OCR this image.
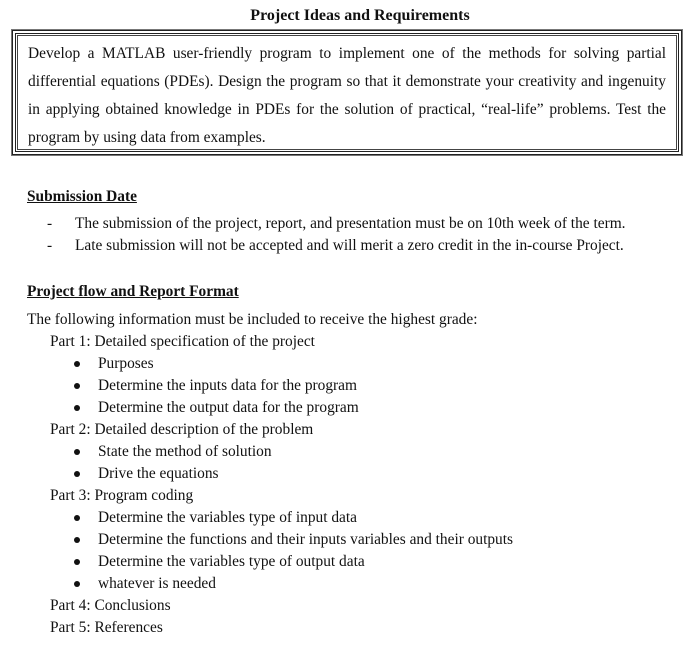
Project Ideas and Requirements
Develop a MATLAB user-friendly program to implement one of the methods for solving partial differential equations (PDEs). Design the program so that it demonstrate your creativity and ingenuity in applying obtained knowledge in PDEs for the solution of practical, “real-life” problems. Test the program by using data from examples.
Submission Date
- The submission of the project, report, and presentation must be on 10th week of the term.
- Late submission will not be accepted and will merit a zero credit in the in-course Project.
Project flow and Report Format
The following information must be included to receive the highest grade:
Part 1: Detailed specification of the project
Purposes
Determine the inputs data for the program
Determine the output data for the program
Part 2: Detailed description of the problem
State the method of solution
Drive the equations
Part 3: Program coding
Determine the variables type of input data
Determine the functions and their inputs variables and their outputs
Determine the variables type of output data
whatever is needed
Part 4: Conclusions
Part 5: References
